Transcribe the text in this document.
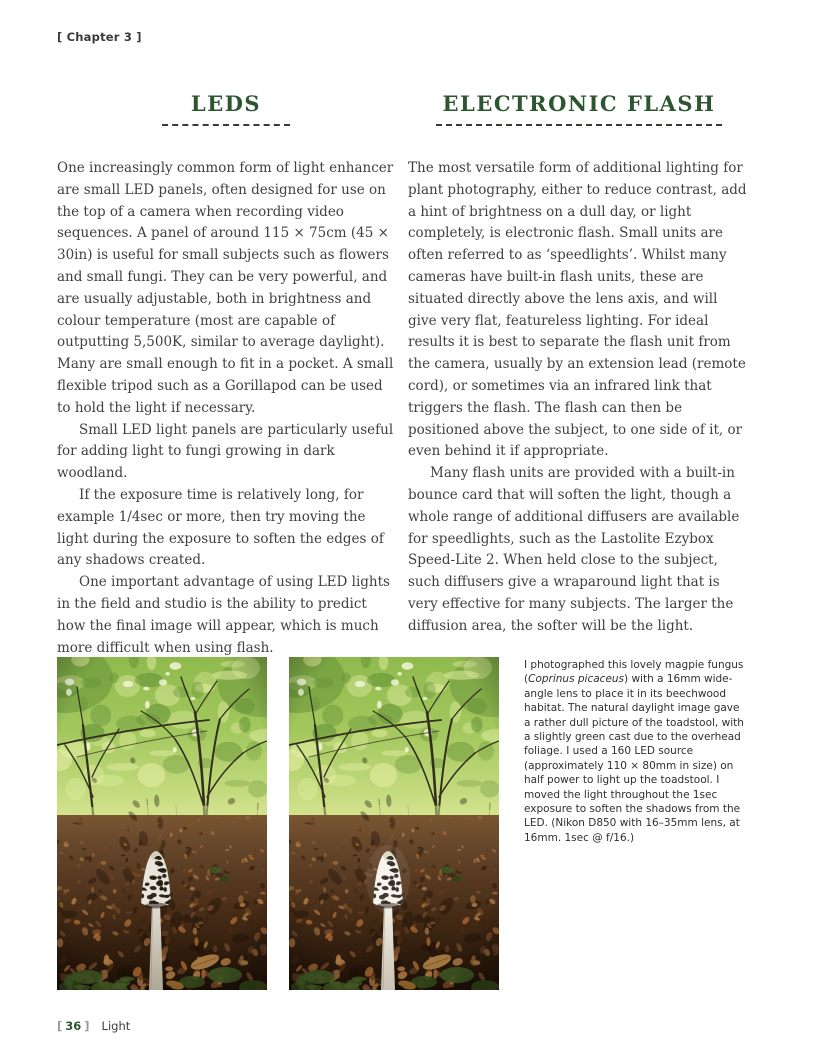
[ Chapter 3 ]
LEDS

One increasingly common form of light enhancer are small LED panels, often designed for use on the top of a camera when recording video sequences. A panel of around 115 × 75cm (45 × 30in) is useful for small subjects such as flowers and small fungi. They can be very powerful, and are usually adjustable, both in brightness and colour temperature (most are capable of outputting 5,500K, similar to average daylight). Many are small enough to fit in a pocket. A small flexible tripod such as a Gorillapod can be used to hold the light if necessary.

Small LED light panels are particularly useful for adding light to fungi growing in dark woodland.

If the exposure time is relatively long, for example 1/4sec or more, then try moving the light during the exposure to soften the edges of any shadows created.

One important advantage of using LED lights in the field and studio is the ability to predict how the final image will appear, which is much more difficult when using flash.

ELECTRONIC FLASH

The most versatile form of additional lighting for plant photography, either to reduce contrast, add a hint of brightness on a dull day, or light completely, is electronic flash. Small units are often referred to as ‘speedlights’. Whilst many cameras have built-in flash units, these are situated directly above the lens axis, and will give very flat, featureless lighting. For ideal results it is best to separate the flash unit from the camera, usually by an extension lead (remote cord), or sometimes via an infrared link that triggers the flash. The flash can then be positioned above the subject, to one side of it, or even behind it if appropriate.

Many flash units are provided with a built-in bounce card that will soften the light, though a whole range of additional diffusers are available for speedlights, such as the Lastolite Ezybox Speed-Lite 2. When held close to the subject, such diffusers give a wraparound light that is very effective for many subjects. The larger the diffusion area, the softer will be the light.

I photographed this lovely magpie fungus (Coprinus picaceus) with a 16mm wide-angle lens to place it in its beechwood habitat. The natural daylight image gave a rather dull picture of the toadstool, with a slightly green cast due to the overhead foliage. I used a 160 LED source (approximately 110 × 80mm in size) on half power to light up the toadstool. I moved the light throughout the 1sec exposure to soften the shadows from the LED. (Nikon D850 with 16–35mm lens, at 16mm. 1sec @ f/16.)
[ 36 ] Light
